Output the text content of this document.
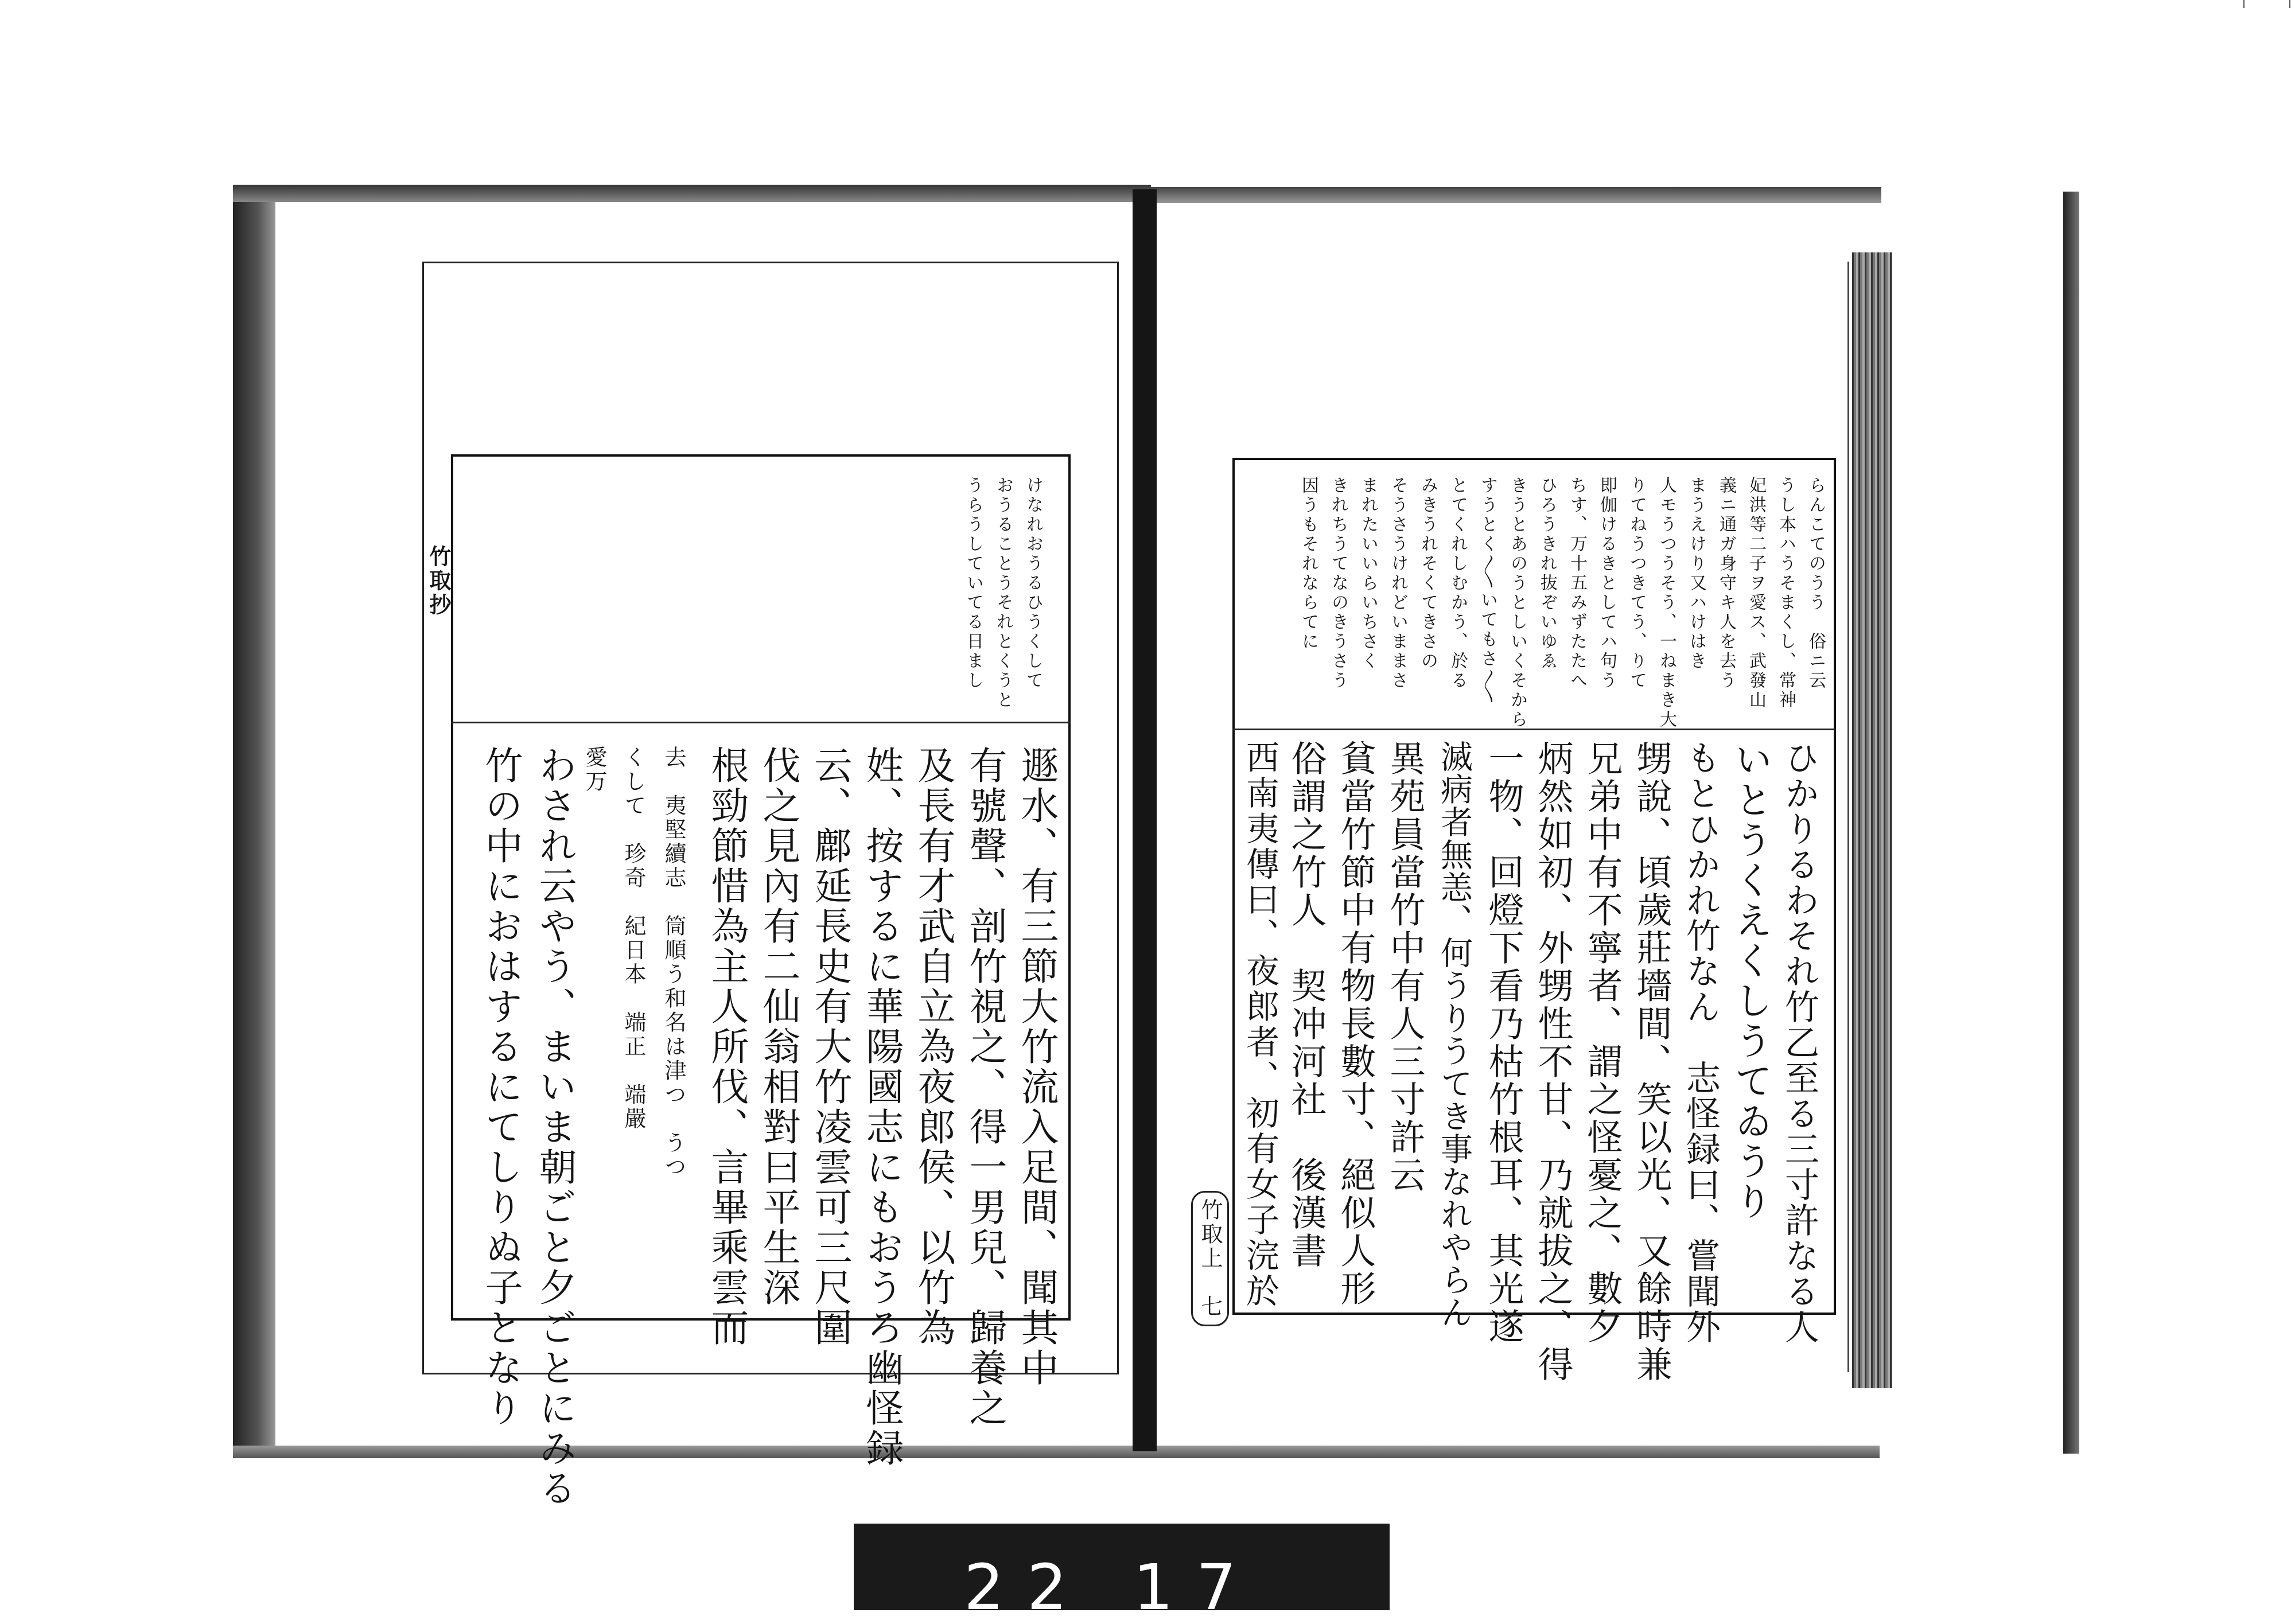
竹取抄	けなれおうるひうくして
おうることうそれとくうと
うらうしていてる日まし
遯水、有三節大竹流入足間、聞其中
有號聲、剖竹視之、得一男兒、歸養之
及長有才武自立為夜郎侯、以竹為
姓、按するに華陽國志にもおうろ幽怪録
云、鄜延長史有大竹凌雲可三尺圍
伐之見內有二仙翁相對曰平生深
根勁節惜為主人所伐、言畢乘雲而
去　夷堅續志　筒順う和名は津つ　うつ
くして　珍奇　紀日本　端正　端嚴
愛万
わされ云やう、まいま朝ごと夕ごとにみる
竹の中におはするにてしりぬ子となり
らんこてのうう　俗ニ云
うし本ハうそまくし、常神
妃洪等二子ヲ愛ス、武發山
義ニ通ガ身守キ人を去う
まうえけり又ハけはき
人モうつうそう、一ねまき大
りてねうつきてう、りて
即伽けるきとしてハ句う
ちす、万十五みずたたへ
ひろうきれ抜ぞいゆゑ
きうとあのうとしいくそから
すうとく〳〵いてもさ〳〵
とてくれしむかう、於る
みきうれそくてきさの
そうさうけれどいままさ
まれたいいらいちさく
きれちうてなのきうさう
因うもそれならてに
ひかりるわそれ竹乙至る三寸許なる人
いとうくえくしうてゐうり
もとひかれ竹なん　志怪録曰、嘗聞外
甥說、頃歲莊墻間、笑以光、又餘時兼
兄弟中有不寧者、謂之怪憂之、數夕
炳然如初、外甥性不甘、乃就拔之、得
一物、回燈下看乃枯竹根耳、其光遂
滅病者無恙、何うりうてき事なれやらん
異苑員當竹中有人三寸許云
貧當竹節中有物長數寸、絕似人形
俗謂之竹人　契冲河社　後漢書
西南夷傳曰、夜郎者、初有女子浣於
竹取上　七
22 17
